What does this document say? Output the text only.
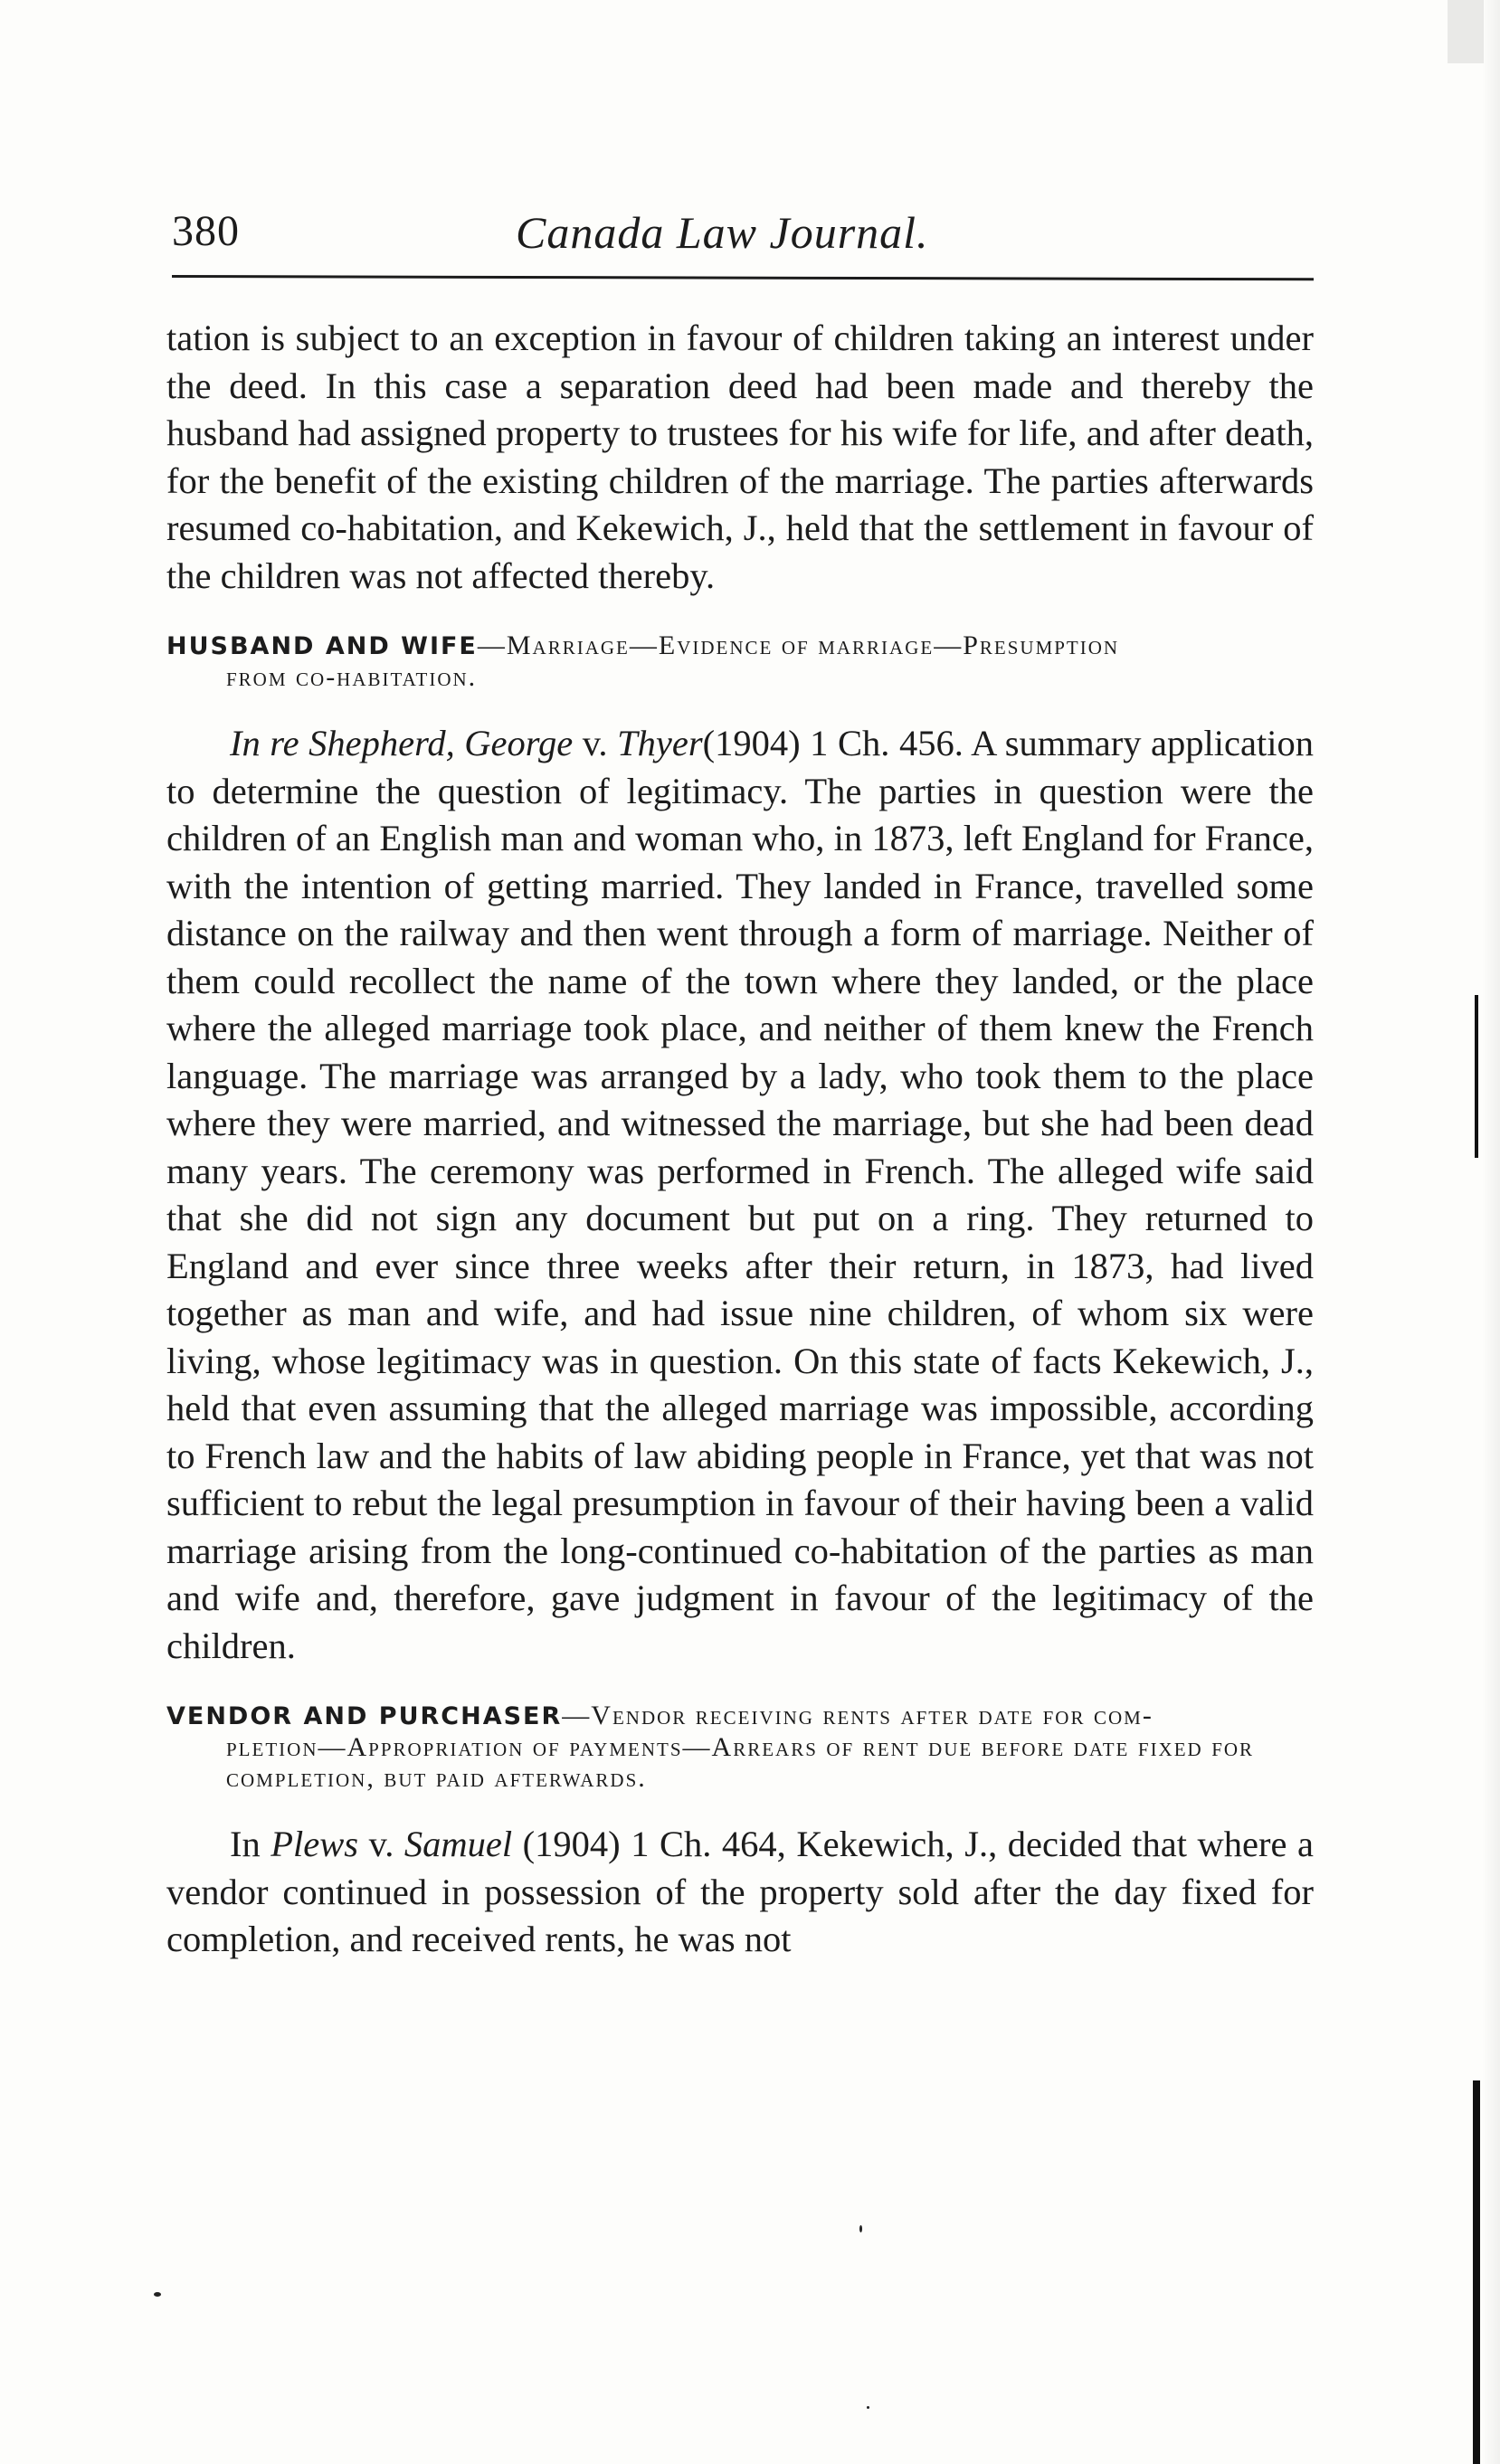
380	Canada Law Journal.

tation is subject to an exception in favour of children taking an interest under the deed. In this case a separation deed had been made and thereby the husband had assigned property to trustees for his wife for life, and after death, for the benefit of the existing children of the marriage. The parties afterwards resumed co-habitation, and Kekewich, J., held that the settlement in favour of the children was not affected thereby.

HUSBAND AND WIFE—Marriage—Evidence of marriage—Presumption
from co-habitation.

In re Shepherd, George v. Thyer(1904) 1 Ch. 456. A summary application to determine the question of legitimacy. The parties in question were the children of an English man and woman who, in 1873, left England for France, with the intention of getting married. They landed in France, travelled some distance on the railway and then went through a form of marriage. Neither of them could recollect the name of the town where they landed, or the place where the alleged marriage took place, and neither of them knew the French language. The marriage was arranged by a lady, who took them to the place where they were married, and witnessed the marriage, but she had been dead many years. The ceremony was performed in French. The alleged wife said that she did not sign any document but put on a ring. They returned to England and ever since three weeks after their return, in 1873, had lived together as man and wife, and had issue nine children, of whom six were living, whose legitimacy was in question. On this state of facts Kekewich, J., held that even assuming that the alleged marriage was impossible, according to French law and the habits of law abiding people in France, yet that was not sufficient to rebut the legal presumption in favour of their having been a valid marriage arising from the long-continued co-habitation of the parties as man and wife and, therefore, gave judgment in favour of the legitimacy of the children.

VENDOR AND PURCHASER—Vendor receiving rents after date for com-
pletion—Appropriation of payments—Arrears of rent due before date fixed for completion, but paid afterwards.

In Plews v. Samuel (1904) 1 Ch. 464, Kekewich, J., decided that where a vendor continued in possession of the property sold after the day fixed for completion, and received rents, he was not
